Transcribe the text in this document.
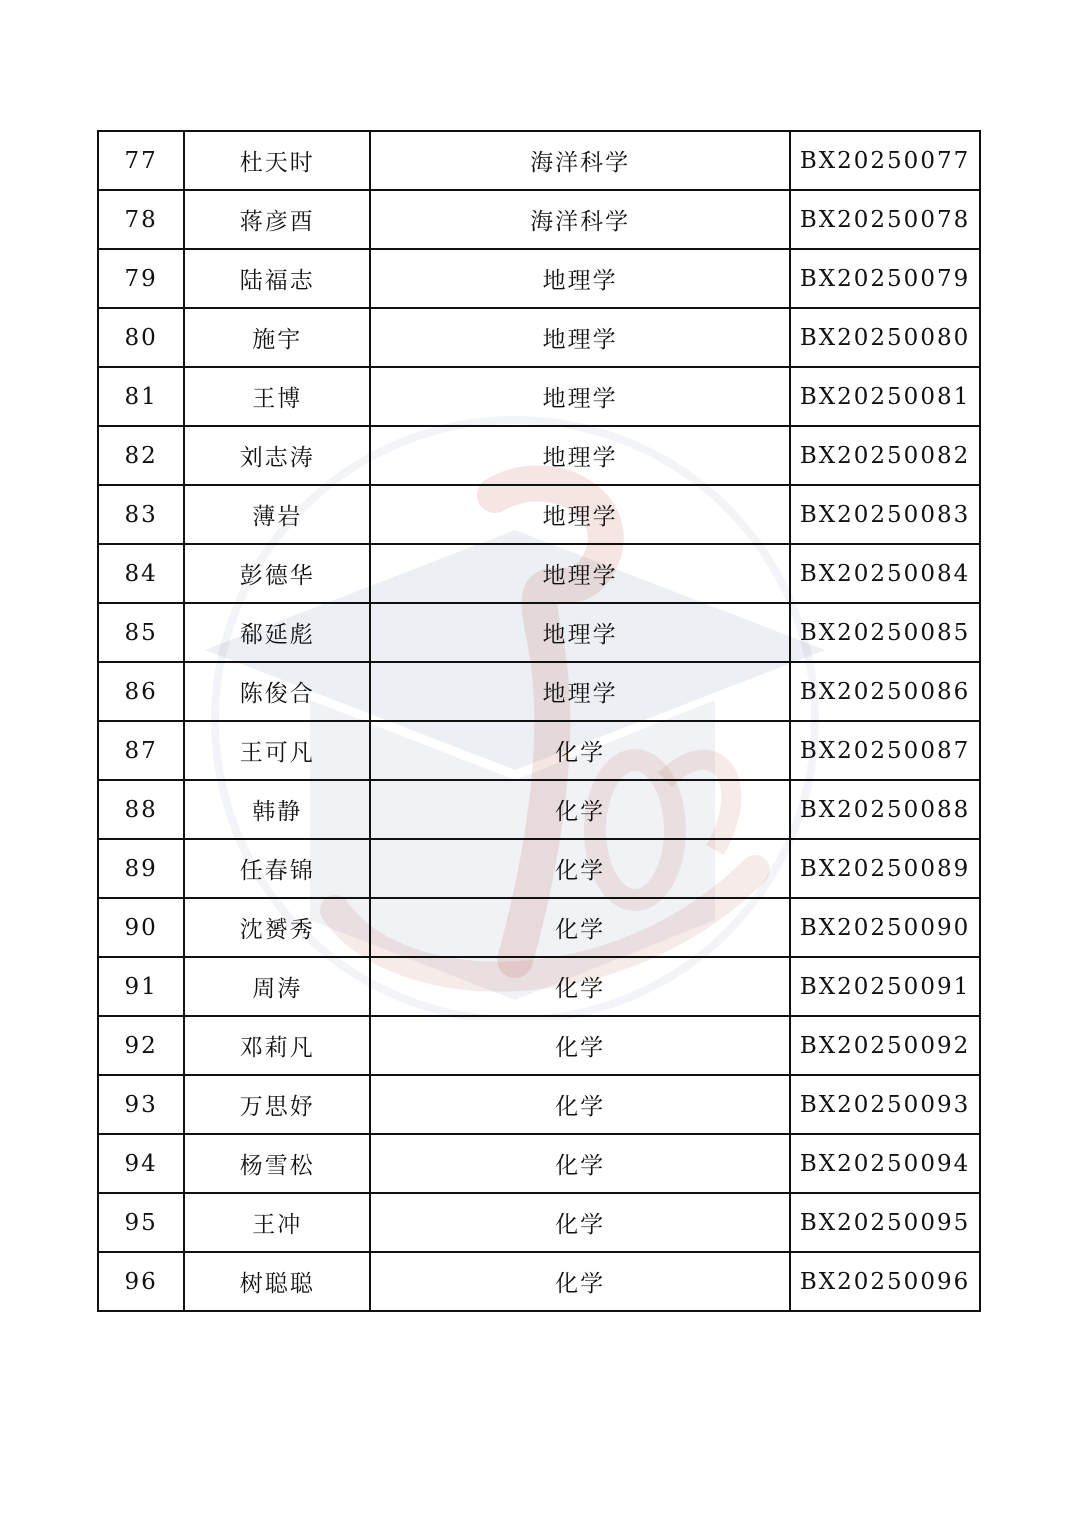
77	杜天时	海洋科学	BX20250077
78	蒋彦酉	海洋科学	BX20250078
79	陆福志	地理学	BX20250079
80	施宇	地理学	BX20250080
81	王博	地理学	BX20250081
82	刘志涛	地理学	BX20250082
83	薄岩	地理学	BX20250083
84	彭德华	地理学	BX20250084
85	郗延彪	地理学	BX20250085
86	陈俊合	地理学	BX20250086
87	王可凡	化学	BX20250087
88	韩静	化学	BX20250088
89	任春锦	化学	BX20250089
90	沈赟秀	化学	BX20250090
91	周涛	化学	BX20250091
92	邓莉凡	化学	BX20250092
93	万思妤	化学	BX20250093
94	杨雪松	化学	BX20250094
95	王冲	化学	BX20250095
96	树聪聪	化学	BX20250096
